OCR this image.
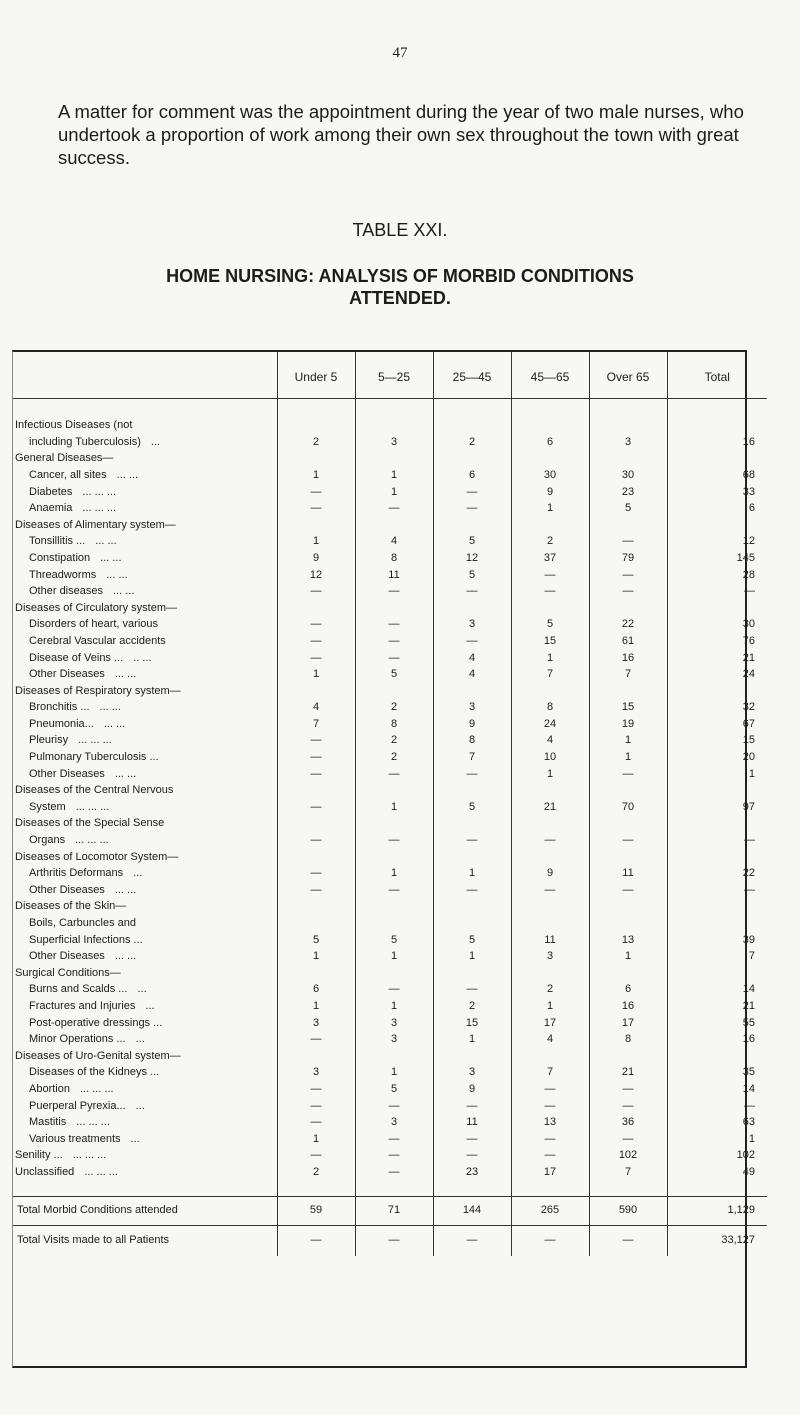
47
A matter for comment was the appointment during the year of two male nurses, who undertook a proportion of work among their own sex throughout the town with great success.
TABLE XXI.
HOME NURSING: ANALYSIS OF MORBID CONDITIONS
ATTENDED.
	Under 5	5—25	25—45	45—65	Over 65	Total

Infectious Diseases (not						
including Tuberculosis) ...	2	3	2	6	3	16
General Diseases—						
Cancer, all sites ... ...	1	1	6	30	30	68
Diabetes ... ... ...	—	1	—	9	23	33
Anaemia ... ... ...	—	—	—	1	5	6
Diseases of Alimentary system—						
Tonsillitis ... ... ...	1	4	5	2	—	12
Constipation ... ...	9	8	12	37	79	145
Threadworms ... ...	12	11	5	—	—	28
Other diseases ... ...	—	—	—	—	—	—
Diseases of Circulatory system—						
Disorders of heart, various	—	—	3	5	22	30
Cerebral Vascular accidents	—	—	—	15	61	76
Disease of Veins ... .. ...	—	—	4	1	16	21
Other Diseases ... ...	1	5	4	7	7	24
Diseases of Respiratory system—						
Bronchitis ... ... ...	4	2	3	8	15	32
Pneumonia... ... ...	7	8	9	24	19	67
Pleurisy ... ... ...	—	2	8	4	1	15
Pulmonary Tuberculosis ...	—	2	7	10	1	20
Other Diseases ... ...	—	—	—	1	—	1
Diseases of the Central Nervous						
System ... ... ...	—	1	5	21	70	97
Diseases of the Special Sense						
Organs ... ... ...	—	—	—	—	—	—
Diseases of Locomotor System—						
Arthritis Deformans ...	—	1	1	9	11	22
Other Diseases ... ...	—	—	—	—	—	—
Diseases of the Skin—						
Boils, Carbuncles and						
Superficial Infections ...	5	5	5	11	13	39
Other Diseases ... ...	1	1	1	3	1	7
Surgical Conditions—						
Burns and Scalds ... ...	6	—	—	2	6	14
Fractures and Injuries ...	1	1	2	1	16	21
Post-operative dressings ...	3	3	15	17	17	55
Minor Operations ... ...	—	3	1	4	8	16
Diseases of Uro-Genital system—						
Diseases of the Kidneys ...	3	1	3	7	21	35
Abortion ... ... ...	—	5	9	—	—	14
Puerperal Pyrexia... ...	—	—	—	—	—	—
Mastitis ... ... ...	—	3	11	13	36	63
Various treatments ...	1	—	—	—	—	1
Senility ... ... ... ...	—	—	—	—	102	102
Unclassified ... ... ...	2	—	23	17	7	49

Total Morbid Conditions attended	59	71	144	265	590	1,129
Total Visits made to all Patients	—	—	—	—	—	33,127
